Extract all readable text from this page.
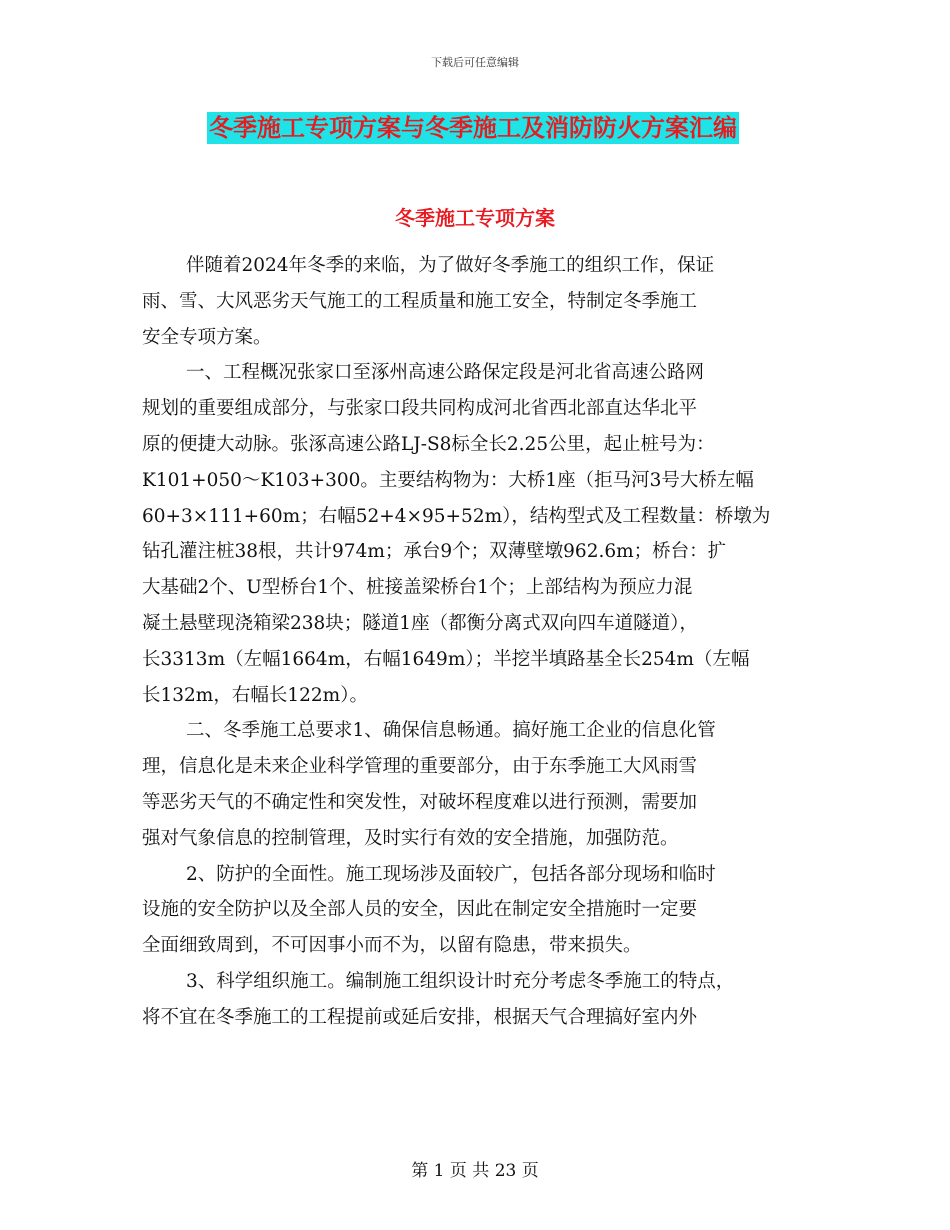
下载后可任意编辑
冬季施工专项方案与冬季施工及消防防火方案汇编
冬季施工专项方案

伴随着2024年冬季的来临，为了做好冬季施工的组织工作，保证
雨、雪、大风恶劣天气施工的工程质量和施工安全，特制定冬季施工
安全专项方案。

一、工程概况张家口至涿州高速公路保定段是河北省高速公路网
规划的重要组成部分，与张家口段共同构成河北省西北部直达华北平
原的便捷大动脉。张涿高速公路LJ-S8标全长2.25公里，起止桩号为：
K101+050～K103+300。主要结构物为：大桥1座（拒马河3号大桥左幅
60+3×111+60m；右幅52+4×95+52m），结构型式及工程数量：桥墩为
钻孔灌注桩38根，共计974m；承台9个；双薄壁墩962.6m；桥台：扩
大基础2个、U型桥台1个、桩接盖梁桥台1个；上部结构为预应力混
凝土悬壁现浇箱梁238块；隧道1座（都衡分离式双向四车道隧道），
长3313m（左幅1664m，右幅1649m）；半挖半填路基全长254m（左幅
长132m，右幅长122m）。

二、冬季施工总要求1、确保信息畅通。搞好施工企业的信息化管
理，信息化是未来企业科学管理的重要部分，由于东季施工大风雨雪
等恶劣天气的不确定性和突发性，对破坏程度难以进行预测，需要加
强对气象信息的控制管理，及时实行有效的安全措施，加强防范。

2、防护的全面性。施工现场涉及面较广，包括各部分现场和临时
设施的安全防护以及全部人员的安全，因此在制定安全措施时一定要
全面细致周到，不可因事小而不为，以留有隐患，带来损失。

3、科学组织施工。编制施工组织设计时充分考虑冬季施工的特点，
将不宜在冬季施工的工程提前或延后安排，根据天气合理搞好室内外

第 1 页 共 23 页
